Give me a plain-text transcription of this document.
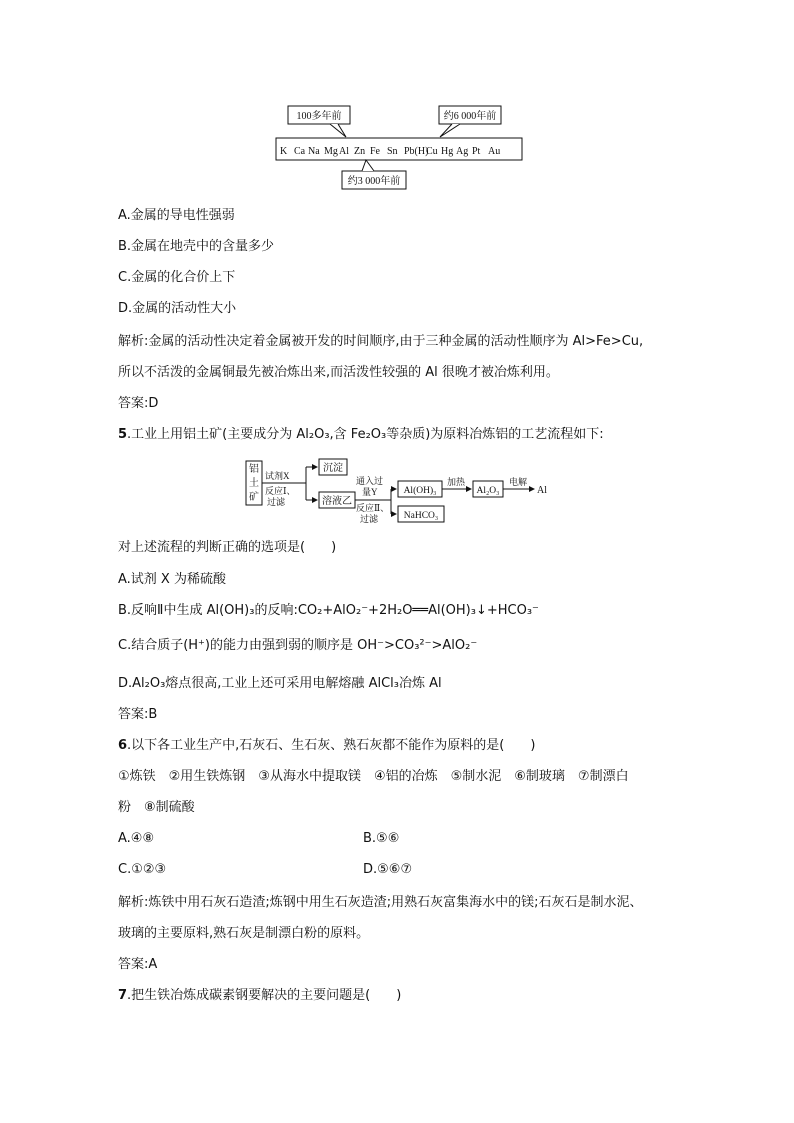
100多年前	约6 000年前
K Ca Na Mg Al Zn Fe Sn Pb(H)
Cu Hg Ag Pt Au
约3 000年前
A.金属的导电性强弱
B.金属在地壳中的含量多少
C.金属的化合价上下
D.金属的活动性大小
解析:金属的活动性决定着金属被开发的时间顺序,由于三种金属的活动性顺序为 Al>Fe>Cu,
所以不活泼的金属铜最先被冶炼出来,而活泼性较强的 Al 很晚才被冶炼利用。
答案:D
5.工业上用铝土矿(主要成分为 Al₂O₃,含 Fe₂O₃等杂质)为原料冶炼铝的工艺流程如下:
铝
土
矿
试剂X
反应Ⅰ、
过滤
沉淀
溶液乙
通入过
量Y
反应Ⅱ、
过滤
Al(OH)₃
NaHCO₃
加热
Al₂O₃
电解
Al
对上述流程的判断正确的选项是(　　)
A.试剂 X 为稀硫酸
B.反响Ⅱ中生成 Al(OH)₃的反响:CO₂+AlO₂⁻+2H₂O══Al(OH)₃↓+HCO₃⁻
C.结合质子(H⁺)的能力由强到弱的顺序是 OH⁻>CO₃²⁻>AlO₂⁻
D.Al₂O₃熔点很高,工业上还可采用电解熔融 AlCl₃冶炼 Al
答案:B
6.以下各工业生产中,石灰石、生石灰、熟石灰都不能作为原料的是(　　)
①炼铁　②用生铁炼钢　③从海水中提取镁　④铝的冶炼　⑤制水泥　⑥制玻璃　⑦制漂白
粉　⑧制硫酸
A.④⑧	B.⑤⑥
C.①②③	D.⑤⑥⑦
解析:炼铁中用石灰石造渣;炼钢中用生石灰造渣;用熟石灰富集海水中的镁;石灰石是制水泥、
玻璃的主要原料,熟石灰是制漂白粉的原料。
答案:A
7.把生铁冶炼成碳素钢要解决的主要问题是(　　)
